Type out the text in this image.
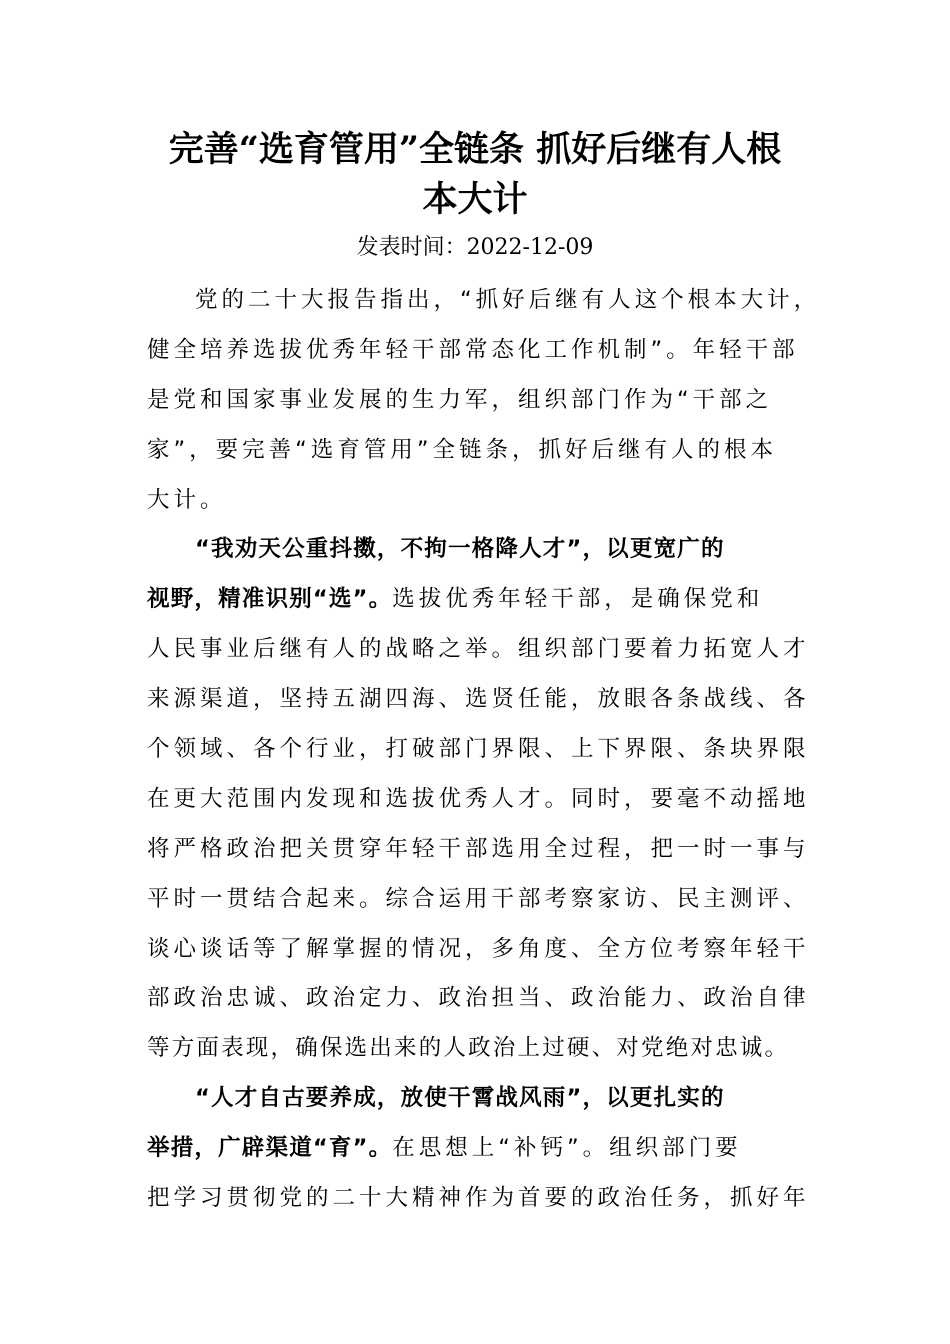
完善“选育管用”全链条 抓好后继有人根
本大计
发表时间：2022-12-09
党的二十大报告指出，“抓好后继有人这个根本大计，
健全培养选拔优秀年轻干部常态化工作机制”。年轻干部
是党和国家事业发展的生力军，组织部门作为“干部之
家”，要完善“选育管用”全链条，抓好后继有人的根本
大计。
“我劝天公重抖擞，不拘一格降人才”，以更宽广的
视野，精准识别“选”。选拔优秀年轻干部，是确保党和
人民事业后继有人的战略之举。组织部门要着力拓宽人才
来源渠道，坚持五湖四海、选贤任能，放眼各条战线、各
个领域、各个行业，打破部门界限、上下界限、条块界限
在更大范围内发现和选拔优秀人才。同时，要毫不动摇地
将严格政治把关贯穿年轻干部选用全过程，把一时一事与
平时一贯结合起来。综合运用干部考察家访、民主测评、
谈心谈话等了解掌握的情况，多角度、全方位考察年轻干
部政治忠诚、政治定力、政治担当、政治能力、政治自律
等方面表现，确保选出来的人政治上过硬、对党绝对忠诚。
“人才自古要养成，放使干霄战风雨”，以更扎实的
举措，广辟渠道“育”。在思想上“补钙”。组织部门要
把学习贯彻党的二十大精神作为首要的政治任务，抓好年
